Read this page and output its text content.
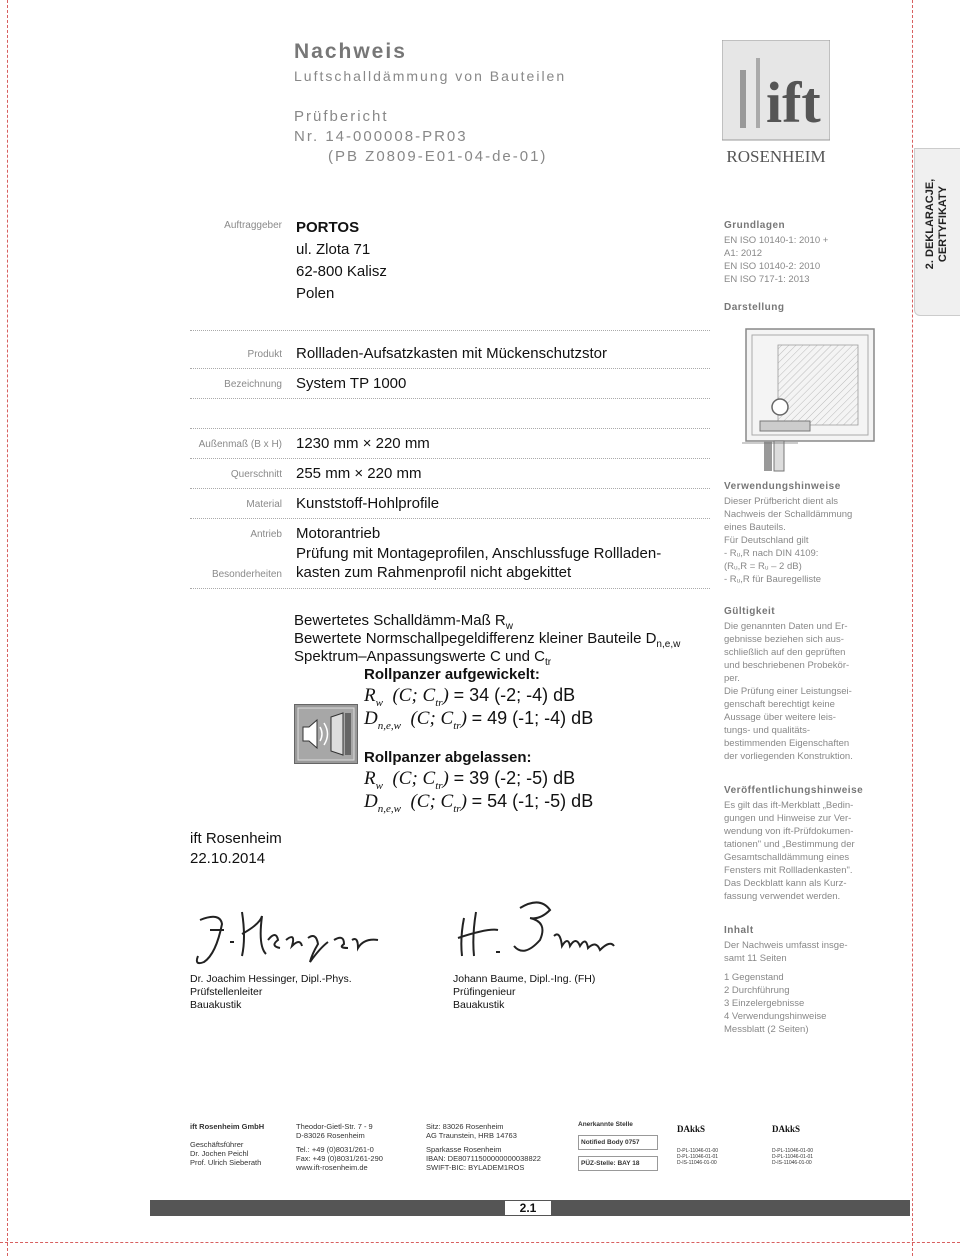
2. DEKLARACJE, CERTYFIKATY
Nachweis
Luftschalldämmung von Bauteilen
Prüfbericht
Nr. 14-000008-PR03
(PB Z0809-E01-04-de-01)
ift
ROSENHEIM
Auftraggeber PORTOS
ul. Zlota 71
62-800 Kalisz
Polen
Produkt Rollladen-Aufsatzkasten mit Mückenschutzstor
Bezeichnung System TP 1000
Außenmaß (B x H) 1230 mm × 220 mm
Querschnitt 255 mm × 220 mm
Material Kunststoff-Hohlprofile
Antrieb Motorantrieb
Prüfung mit Montageprofilen, Anschlussfuge Rollladen-
Besonderheiten kasten zum Rahmenprofil nicht abgekittet
Bewertetes Schalldämm-Maß $R_w$
Bewertete Normschallpegeldifferenz kleiner Bauteile $D_{n,e,w}$
Spektrum–Anpassungswerte C und $C_{tr}$
Rollpanzer aufgewickelt:
$R_w$ (C; $C_{tr}) = 34$ (-2; -4) dB
$D_{n,e,w}$ (C; $C_{tr}) = 49$ (-1; -4) dB
Rollpanzer abgelassen:
$R_w$ (C; $C_{tr}) = 39$ (-2; -5) dB
$D_{n,e,w}$ (C; $C_{tr}) = 54$ (-1; -5) dB
ift Rosenheim
22.10.2014
Dr. Joachim Hessinger, Dipl.-Phys.
Prüfstellenleiter
Bauakustik
Johann Baume, Dipl.-Ing. (FH)
Prüfingenieur
Bauakustik
Grundlagen
EN ISO 10140-1: 2010 +
A1: 2012
EN ISO 10140-2: 2010
EN ISO 717-1: 2013
Darstellung
Verwendungshinweise
Dieser Prüfbericht dient als
Nachweis der Schalldämmung
eines Bauteils.
Für Deutschland gilt
- Rᵤ,R nach DIN 4109:
(Rᵤ,R = Rᵤ – 2 dB)
- Rᵤ,R für Bauregelliste
Gültigkeit
Die genannten Daten und Er-
gebnisse beziehen sich aus-
schließlich auf den geprüften
und beschriebenen Probekör-
per.
Die Prüfung einer Leistungsei-
genschaft berechtigt keine
Aussage über weitere leis-
tungs- und qualitäts-
bestimmenden Eigenschaften
der vorliegenden Konstruktion.
Veröffentlichungshinweise
Es gilt das ift-Merkblatt „Bedin-
gungen und Hinweise zur Ver-
wendung von ift-Prüfdokumen-
tationen" und „Bestimmung der
Gesamtschalldämmung eines
Fensters mit Rollladenkasten".
Das Deckblatt kann als Kurz-
fassung verwendet werden.
Inhalt
Der Nachweis umfasst insge-
samt 11 Seiten
1 Gegenstand
2 Durchführung
3 Einzelergebnisse
4 Verwendungshinweise
Messblatt (2 Seiten)
ift Rosenheim GmbH
Geschäftsführer
Dr. Jochen Peichl
Prof. Ulrich Sieberath
Theodor-Gietl-Str. 7 - 9
D-83026 Rosenheim
Tel.: +49 (0)8031/261-0
Fax: +49 (0)8031/261-290
www.ift-rosenheim.de
Sitz: 83026 Rosenheim
AG Traunstein, HRB 14763
Sparkasse Rosenheim
IBAN: DE80711500000000038822
SWIFT-BIC: BYLADEM1ROS
Anerkannte Stelle
Notified Body 0757
PÜZ-Stelle: BAY 18
DAkkS
D-PL-11046-01-00
D-PL-11046-01-01
D-IS-11046-01-00
DAkkS
D-PL-11046-01-00
D-PL-11046-01-01
D-IS-11046-01-00
2.1
